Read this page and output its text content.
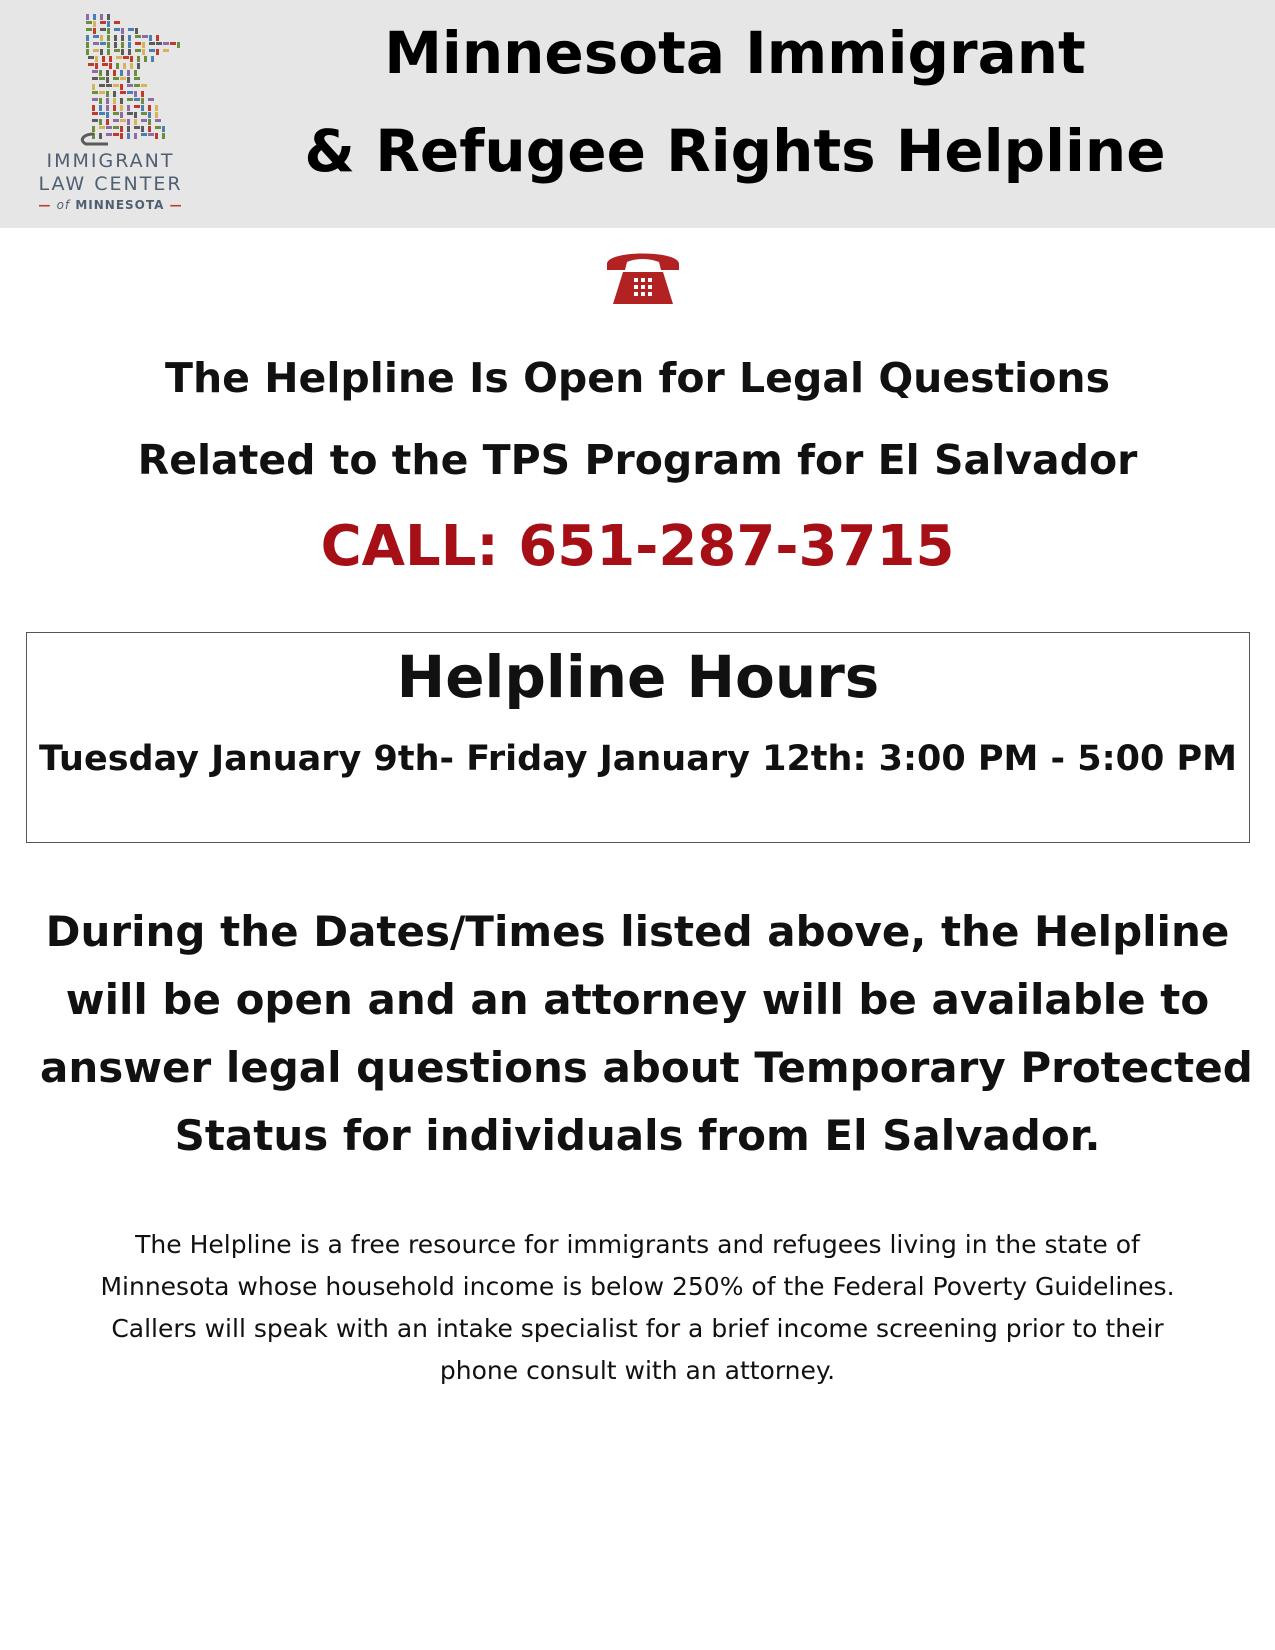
IMMIGRANT
LAW CENTER
— of MINNESOTA —
Minnesota Immigrant
& Refugee Rights Helpline
The Helpline Is Open for Legal Questions
Related to the TPS Program for El Salvador
CALL: 651-287-3715
Helpline Hours
Tuesday January 9th- Friday January 12th: 3:00 PM - 5:00 PM
During the Dates/Times listed above, the Helpline
will be open and an attorney will be available to
answer legal questions about Temporary Protected
Status for individuals from El Salvador.
The Helpline is a free resource for immigrants and refugees living in the state of
Minnesota whose household income is below 250% of the Federal Poverty Guidelines.
Callers will speak with an intake specialist for a brief income screening prior to their
phone consult with an attorney.
